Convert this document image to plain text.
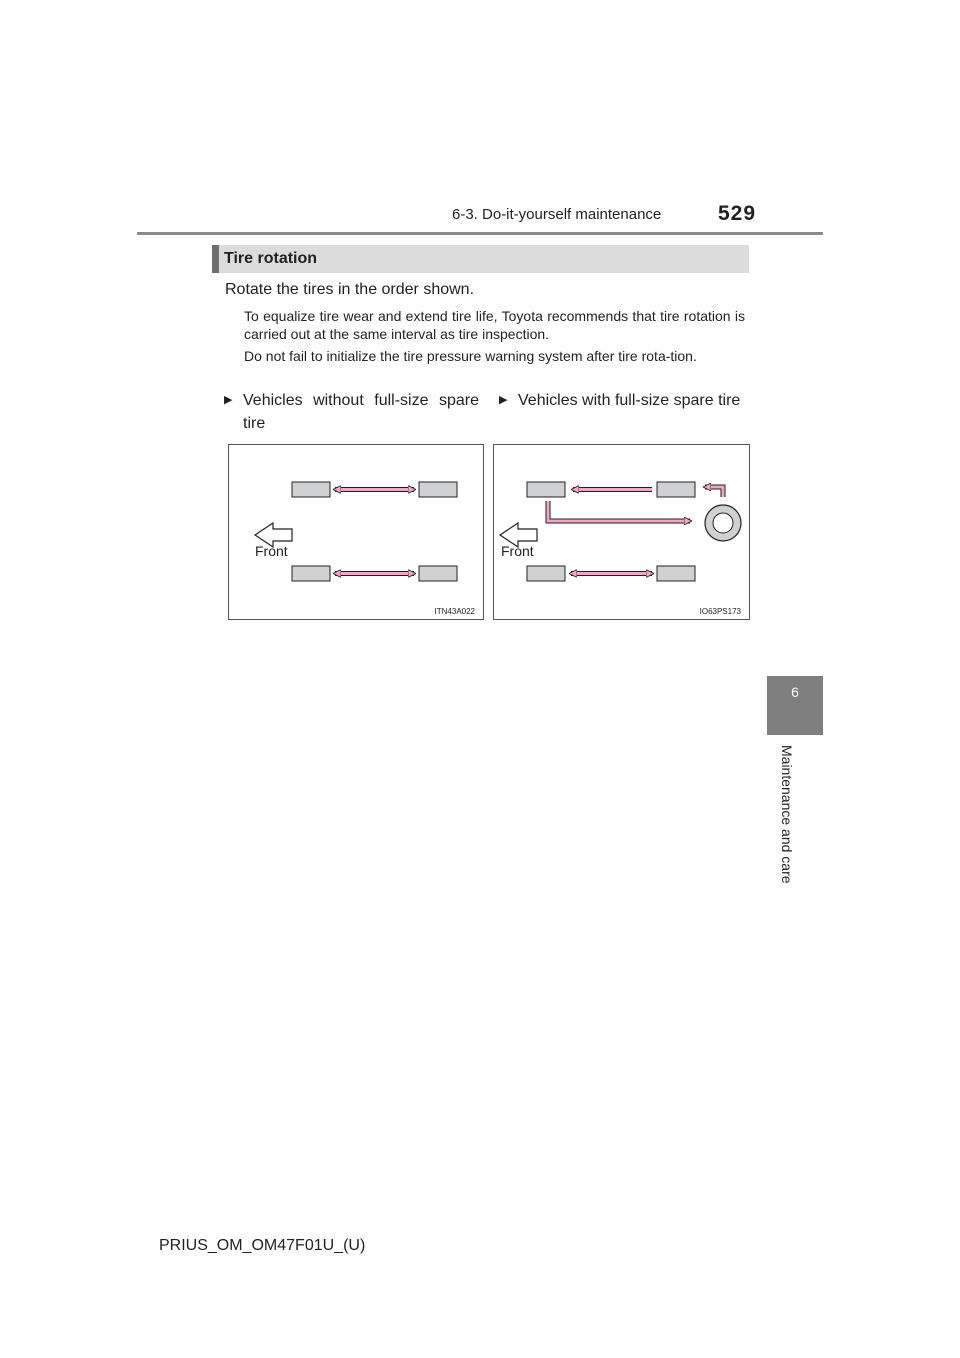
6-3. Do-it-yourself maintenance	529
6
Maintenance and care
Tire rotation
Rotate the tires in the order shown.
To equalize tire wear and extend tire life, Toyota recommends that tire rotation is carried out at the same interval as tire inspection.
Do not fail to initialize the tire pressure warning system after tire rota-tion.
▶ Vehicles without full-size spare tire
▶ Vehicles with full-size spare tire
Front
ITN43A022
Front
IO63PS173
PRIUS_OM_OM47F01U_(U)
